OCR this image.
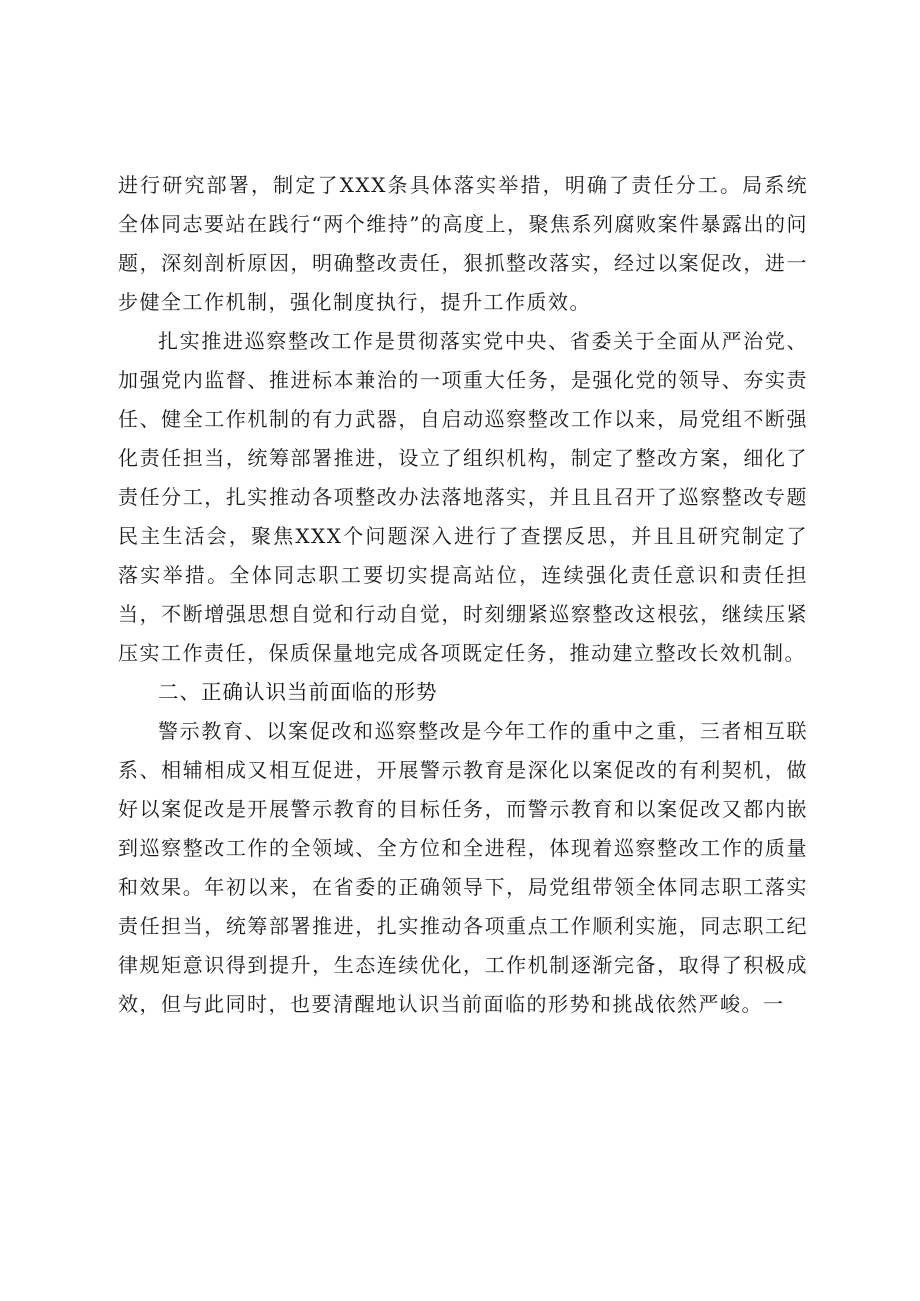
进行研究部署，制定了XXX条具体落实举措，明确了责任分工。局系统全体同志要站在践行“两个维持”的高度上，聚焦系列腐败案件暴露出的问题，深刻剖析原因，明确整改责任，狠抓整改落实，经过以案促改，进一步健全工作机制，强化制度执行，提升工作质效。

扎实推进巡察整改工作是贯彻落实党中央、省委关于全面从严治党、加强党内监督、推进标本兼治的一项重大任务，是强化党的领导、夯实责任、健全工作机制的有力武器，自启动巡察整改工作以来，局党组不断强化责任担当，统筹部署推进，设立了组织机构，制定了整改方案，细化了责任分工，扎实推动各项整改办法落地落实，并且且召开了巡察整改专题民主生活会，聚焦XXX个问题深入进行了查摆反思，并且且研究制定了落实举措。全体同志职工要切实提高站位，连续强化责任意识和责任担当，不断增强思想自觉和行动自觉，时刻绷紧巡察整改这根弦，继续压紧压实工作责任，保质保量地完成各项既定任务，推动建立整改长效机制。

二、正确认识当前面临的形势

警示教育、以案促改和巡察整改是今年工作的重中之重，三者相互联系、相辅相成又相互促进，开展警示教育是深化以案促改的有利契机，做好以案促改是开展警示教育的目标任务，而警示教育和以案促改又都内嵌到巡察整改工作的全领域、全方位和全进程，体现着巡察整改工作的质量和效果。年初以来，在省委的正确领导下，局党组带领全体同志职工落实责任担当，统筹部署推进，扎实推动各项重点工作顺利实施，同志职工纪律规矩意识得到提升，生态连续优化，工作机制逐渐完备，取得了积极成效，但与此同时，也要清醒地认识当前面临的形势和挑战依然严峻。一
